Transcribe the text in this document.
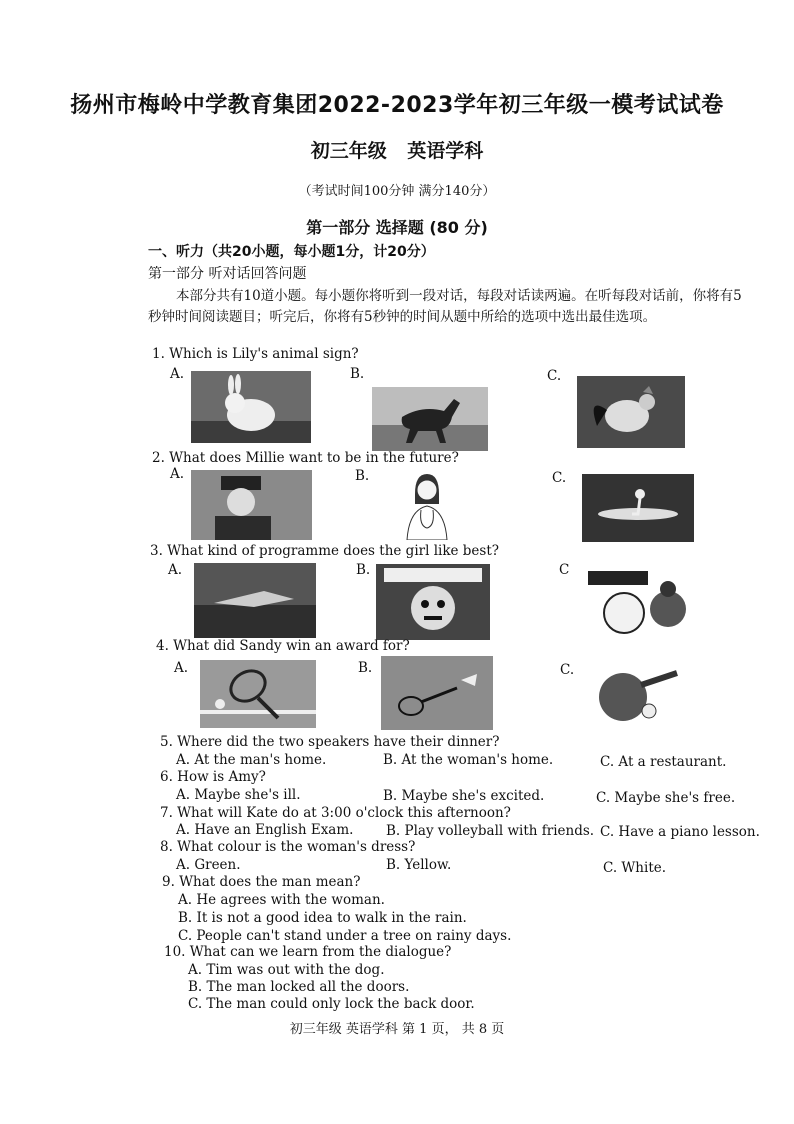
扬州市梅岭中学教育集团2022-2023学年初三年级一模考试试卷
初三年级 英语学科
（考试时间100分钟 满分140分）
第一部分 选择题 (80 分)
一、听力（共20小题，每小题1分，计20分）
第一部分 听对话回答问题
本部分共有10道小题。每小题你将听到一段对话，每段对话读两遍。在听每段对话前，你将有5秒钟时间阅读题目；听完后，你将有5秒钟的时间从题中所给的选项中选出最佳选项。
1. Which is Lily's animal sign?
A.	B.	C.
2. What does Millie want to be in the future?
A.	B.	C.
3. What kind of programme does the girl like best?
A.	B.	C
4. What did Sandy win an award for?
A.	B.	C.
5. Where did the two speakers have their dinner?
A. At the man's home.	B. At the woman's home.	C. At a restaurant.
6. How is Amy?
A. Maybe she's ill.	B. Maybe she's excited.	C. Maybe she's free.
7. What will Kate do at 3:00 o'clock this afternoon?
A. Have an English Exam. B. Play volleyball with friends. C. Have a piano lesson.
8. What colour is the woman's dress?
A. Green.	B. Yellow.	C. White.
9. What does the man mean?
A. He agrees with the woman.
B. It is not a good idea to walk in the rain.
C. People can't stand under a tree on rainy days.
10. What can we learn from the dialogue?
A. Tim was out with the dog.
B. The man locked all the doors.
C. The man could only lock the back door.
初三年级 英语学科 第 1 页， 共 8 页
